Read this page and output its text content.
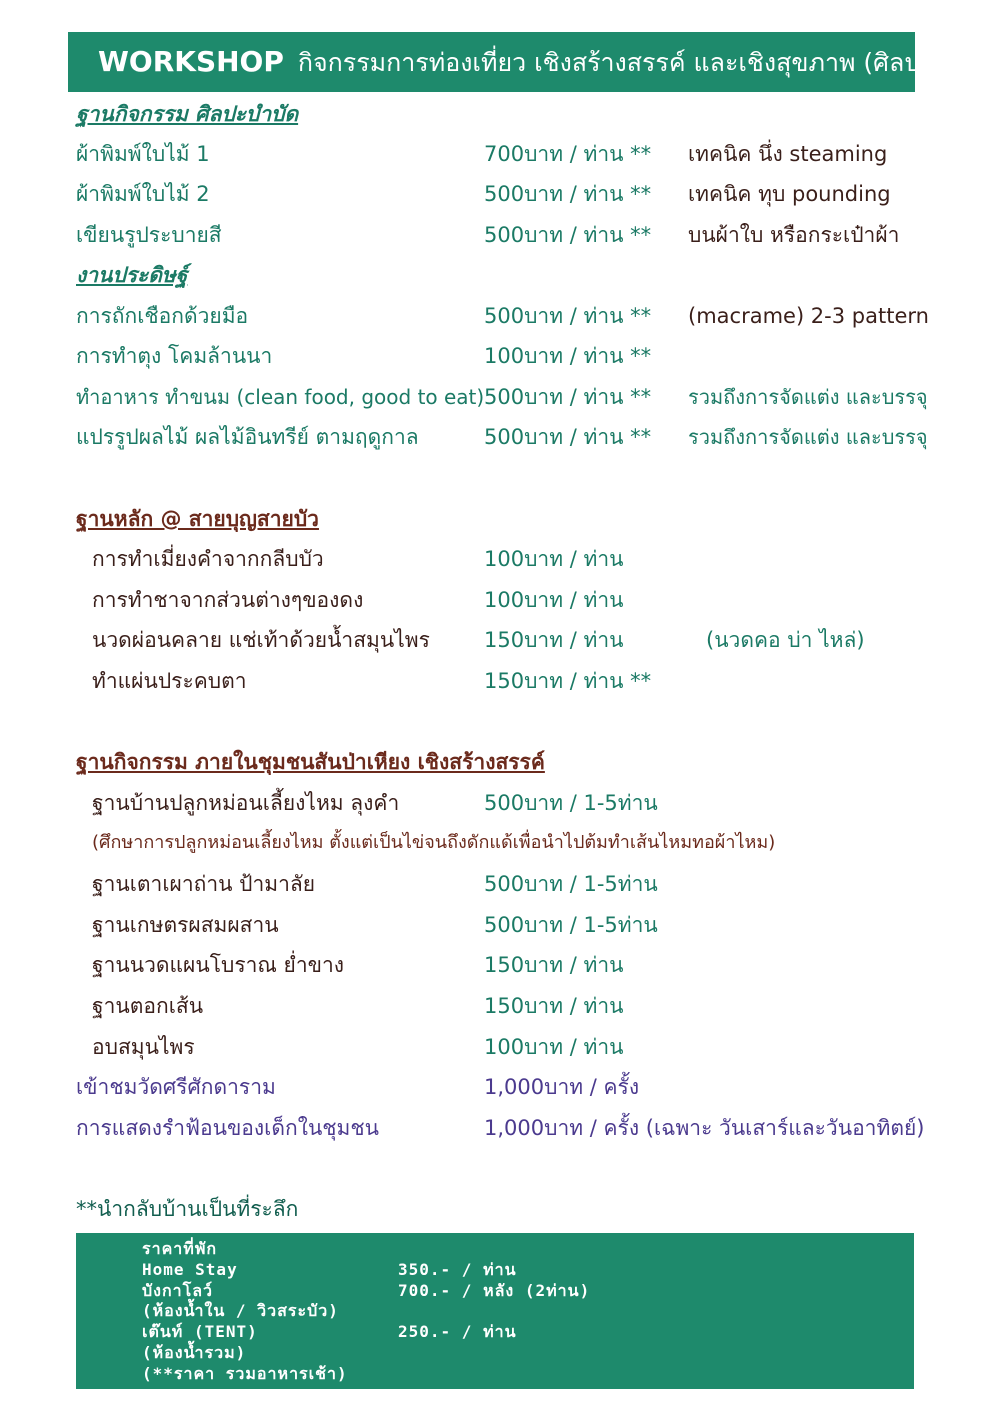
WORKSHOP กิจกรรมการท่องเที่ยว เชิงสร้างสรรค์ และเชิงสุขภาพ (ศิลปะบำบัด)
ฐานกิจกรรม ศิลปะบำบัด
ผ้าพิมพ์ใบไม้ 1	700บาท / ท่าน ** เทคนิค นึ่ง steaming
ผ้าพิมพ์ใบไม้ 2	500บาท / ท่าน ** เทคนิค ทุบ pounding
เขียนรูประบายสี	500บาท / ท่าน ** บนผ้าใบ หรือกระเป๋าผ้า
งานประดิษฐ์
การถักเชือกด้วยมือ	500บาท / ท่าน ** (macrame) 2-3 pattern
การทำตุง โคมล้านนา	100บาท / ท่าน **
ทำอาหาร ทำขนม (clean food, good to eat) 500บาท / ท่าน ** รวมถึงการจัดแต่ง และบรรจุ
แปรรูปผลไม้ ผลไม้อินทรีย์ ตามฤดูกาล	500บาท / ท่าน ** รวมถึงการจัดแต่ง และบรรจุ
ฐานหลัก @ สายบุญสายบัว
การทำเมี่ยงคำจากกลีบบัว	100บาท / ท่าน
การทำชาจากส่วนต่างๆของดง	100บาท / ท่าน
นวดผ่อนคลาย แช่เท้าด้วยน้ำสมุนไพร	150บาท / ท่าน	(นวดคอ บ่า ไหล่)
ทำแผ่นประคบตา	150บาท / ท่าน **
ฐานกิจกรรม ภายในชุมชนสันป่าเหียง เชิงสร้างสรรค์
ฐานบ้านปลูกหม่อนเลี้ยงไหม ลุงคำ	500บาท / 1-5ท่าน
(ศึกษาการปลูกหม่อนเลี้ยงไหม ตั้งแต่เป็นไข่จนถึงดักแด้เพื่อนำไปต้มทำเส้นไหมทอผ้าไหม)
ฐานเตาเผาถ่าน ป้ามาลัย	500บาท / 1-5ท่าน
ฐานเกษตรผสมผสาน	500บาท / 1-5ท่าน
ฐานนวดแผนโบราณ ย่ำขาง	150บาท / ท่าน
ฐานตอกเส้น	150บาท / ท่าน
อบสมุนไพร	100บาท / ท่าน
เข้าชมวัดศรีศักดาราม	1,000บาท / ครั้ง
การแสดงรำฟ้อนของเด็กในชุมชน	1,000บาท / ครั้ง (เฉพาะ วันเสาร์และวันอาทิตย์)
**นำกลับบ้านเป็นที่ระลึก
ราคาที่พัก
Home Stay	350.- / ท่าน
บังกาโลว์	700.- / หลัง (2ท่าน)
(ห้องน้ำใน / วิวสระบัว)
เต๊นท์ (TENT)	250.- / ท่าน
(ห้องน้ำรวม)
(**ราคา รวมอาหารเช้า)
